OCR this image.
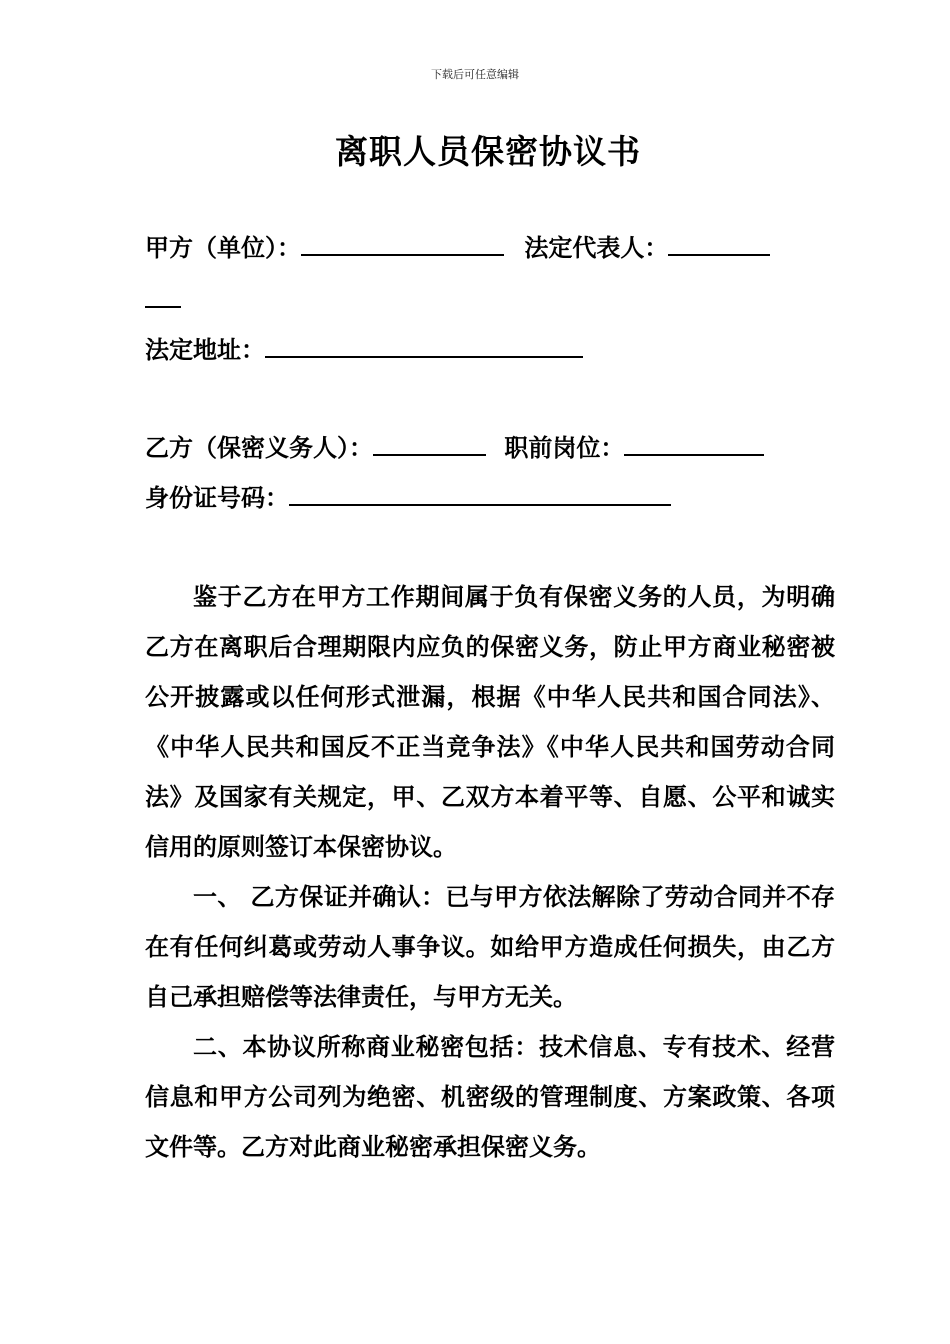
下载后可任意编辑
离职人员保密协议书
甲方（单位）：	法定代表人：
法定地址：
乙方（保密义务人）：	职前岗位：
身份证号码：

鉴于乙方在甲方工作期间属于负有保密义务的人员，为明确乙方在离职后合理期限内应负的保密义务，防止甲方商业秘密被公开披露或以任何形式泄漏，根据《中华人民共和国合同法》、《中华人民共和国反不正当竞争法》《中华人民共和国劳动合同法》及国家有关规定，甲、乙双方本着平等、自愿、公平和诚实信用的原则签订本保密协议。

一、 乙方保证并确认：已与甲方依法解除了劳动合同并不存在有任何纠葛或劳动人事争议。如给甲方造成任何损失，由乙方自己承担赔偿等法律责任，与甲方无关。

二、本协议所称商业秘密包括：技术信息、专有技术、经营信息和甲方公司列为绝密、机密级的管理制度、方案政策、各项文件等。乙方对此商业秘密承担保密义务。
